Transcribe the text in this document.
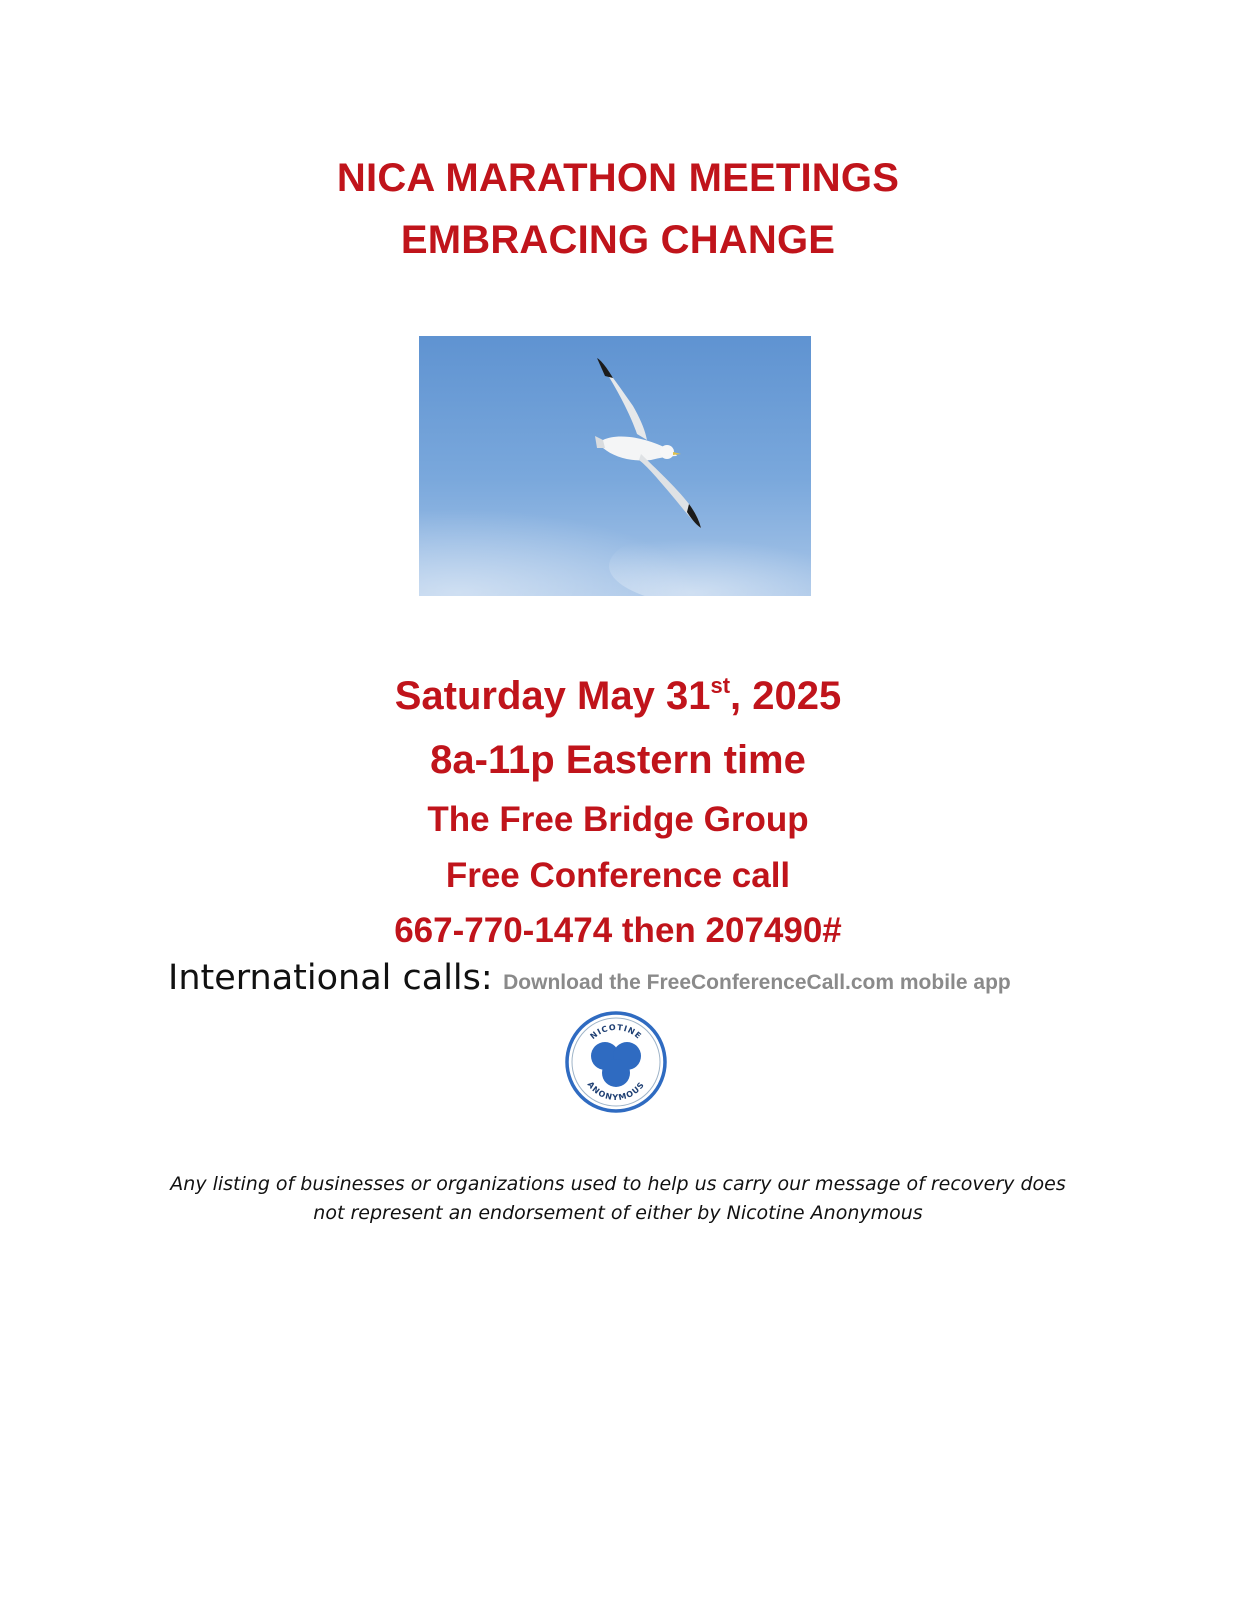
NICA MARATHON MEETINGS
EMBRACING CHANGE
Saturday May 31st, 2025
8a-11p Eastern time
The Free Bridge Group
Free Conference call
667-770-1474 then 207490#
International calls: Download the FreeConferenceCall.com mobile app
NICOTINE
ANONYMOUS
Any listing of businesses or organizations used to help us carry our message of recovery does
not represent an endorsement of either by Nicotine Anonymous
